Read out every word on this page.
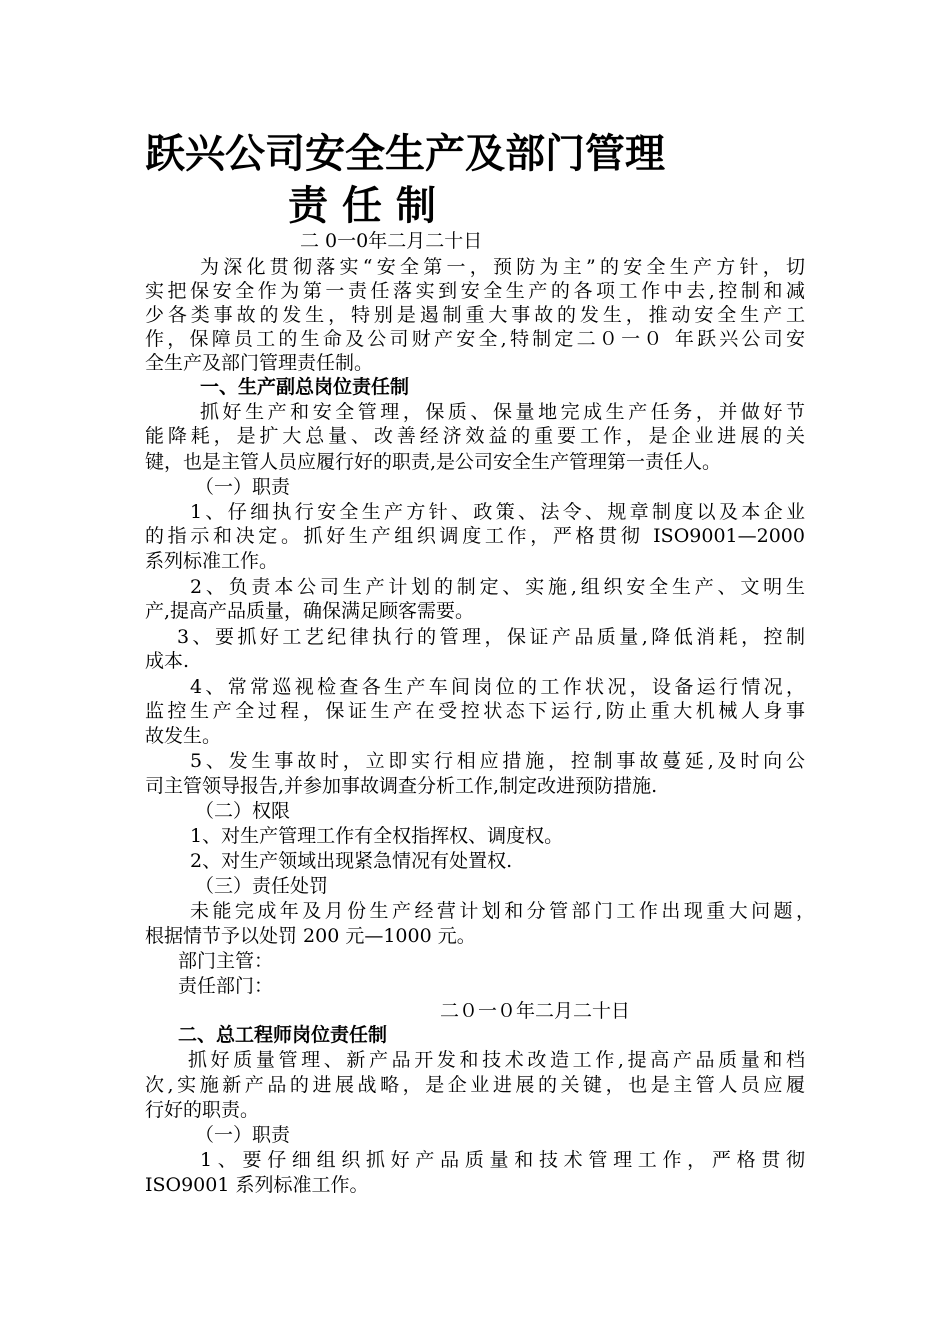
跃兴公司安全生产及部门管理
责任制
二 0一0年二月二十日
为深化贯彻落实“安全第一，预防为主”的安全生产方针，切
实把保安全作为第一责任落实到安全生产的各项工作中去,控制和减
少各类事故的发生，特别是遏制重大事故的发生，推动安全生产工
作，保障员工的生命及公司财产安全,特制定二０一０ 年跃兴公司安
全生产及部门管理责任制。
一、生产副总岗位责任制
抓好生产和安全管理，保质、保量地完成生产任务，并做好节
能降耗，是扩大总量、改善经济效益的重要工作，是企业进展的关
键，也是主管人员应履行好的职责,是公司安全生产管理第一责任人。
（一）职责
1、仔细执行安全生产方针、政策、法令、规章制度以及本企业
的指示和决定。抓好生产组织调度工作，严格贯彻 ISO9001—2000
系列标准工作。
2、负责本公司生产计划的制定、实施,组织安全生产、文明生
产,提高产品质量，确保满足顾客需要。
3、要抓好工艺纪律执行的管理，保证产品质量,降低消耗，控制
成本.
4、常常巡视检查各生产车间岗位的工作状况，设备运行情况，
监控生产全过程，保证生产在受控状态下运行,防止重大机械人身事
故发生。
5、发生事故时，立即实行相应措施，控制事故蔓延,及时向公
司主管领导报告,并参加事故调查分析工作,制定改进预防措施.
（二）权限
1、对生产管理工作有全权指挥权、调度权。
2、对生产领域出现紧急情况有处置权.
（三）责任处罚
未能完成年及月份生产经营计划和分管部门工作出现重大问题，
根据情节予以处罚 200 元—1000 元。
部门主管：
责任部门：
二０一０年二月二十日
二、总工程师岗位责任制
抓好质量管理、新产品开发和技术改造工作,提高产品质量和档
次,实施新产品的进展战略，是企业进展的关键，也是主管人员应履
行好的职责。
（一）职责
1、要仔细组织抓好产品质量和技术管理工作，严格贯彻
ISO9001 系列标准工作。
